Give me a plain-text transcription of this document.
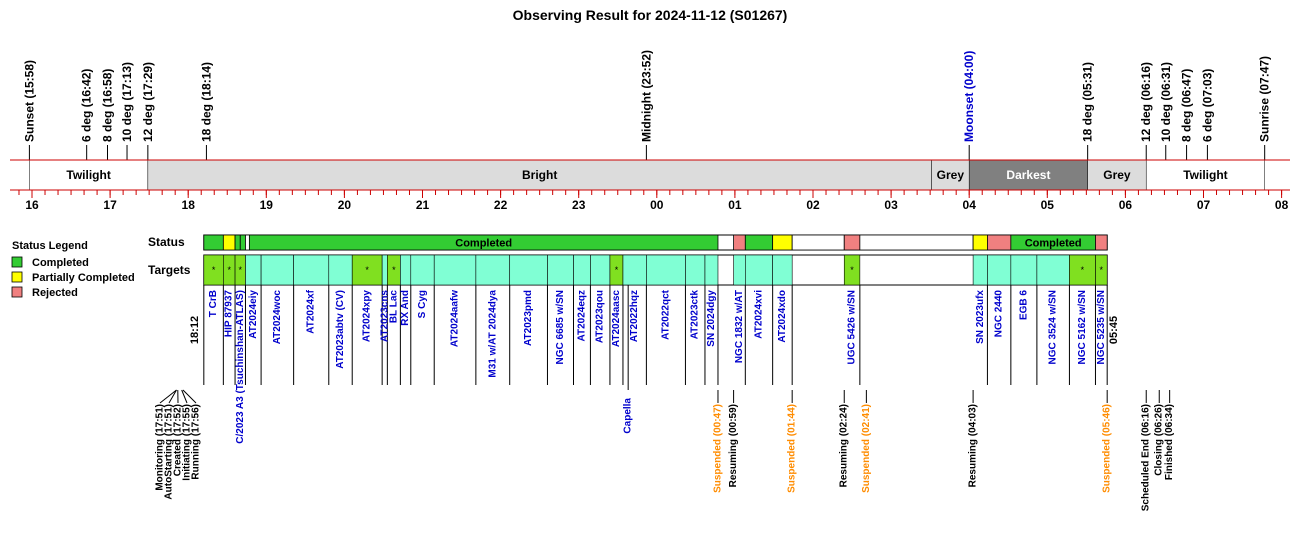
Observing Result for 2024-11-12 (S01267)
Sunset (15:58)	6 deg (16:42) 8 deg (16:58) 10 deg (17:13) 12 deg (17:29)	18 deg (18:14)	Midnight (23:52)	Moonset (04:00)	18 deg (05:31)	12 deg (06:16) 10 deg (06:31) 8 deg (06:47) 6 deg (07:03)	Sunrise (07:47)
Twilight	Bright	Grey	Darkest	Grey	Twilight
16	17	18	19	20	21	22	23	00	01	02	03	04	05	06	07	08
Status Legend
Completed
Partially Completed
Rejected
Status
Targets
Completed	Completed
* * *	*	*	*	*	* *
T CrB HIP 87937 C/2023 A3 (Tsuchinshan-ATLAS) AT2024eiy AT2024woc AT2024xf AT2023abtv (CV) AT2024xpy AT2023cns
BL Lac RX And S Cyg AT2024aafw	M31 w/AT 2024dya AT2023pmd NGC 6685 w/SN AT2024eqz AT2023qou AT2024aasc AT2022hqz AT2022qct AT2023ctk SN 2024dgy NGC 1832 w/AT AT2024xvi AT2024xdo	UGC 5426 w/SN	SN 2023ufx NGC 2440 EGB 6 NGC 3524 w/SN NGC 5162 w/SN NGC 5235 w/SN
18:12	05:45
Capella
Monitoring (17:51)
AutoStarting (17:51)
Created (17:52)
Initiating (17:55)
Running (17:56)	Suspended (00:47) Resuming (00:59)	Suspended (01:44)	Resuming (02:24) Suspended (02:41)	Resuming (04:03)	Suspended (05:46)	Scheduled End (06:16) Closing (06:26) Finished (06:34)
